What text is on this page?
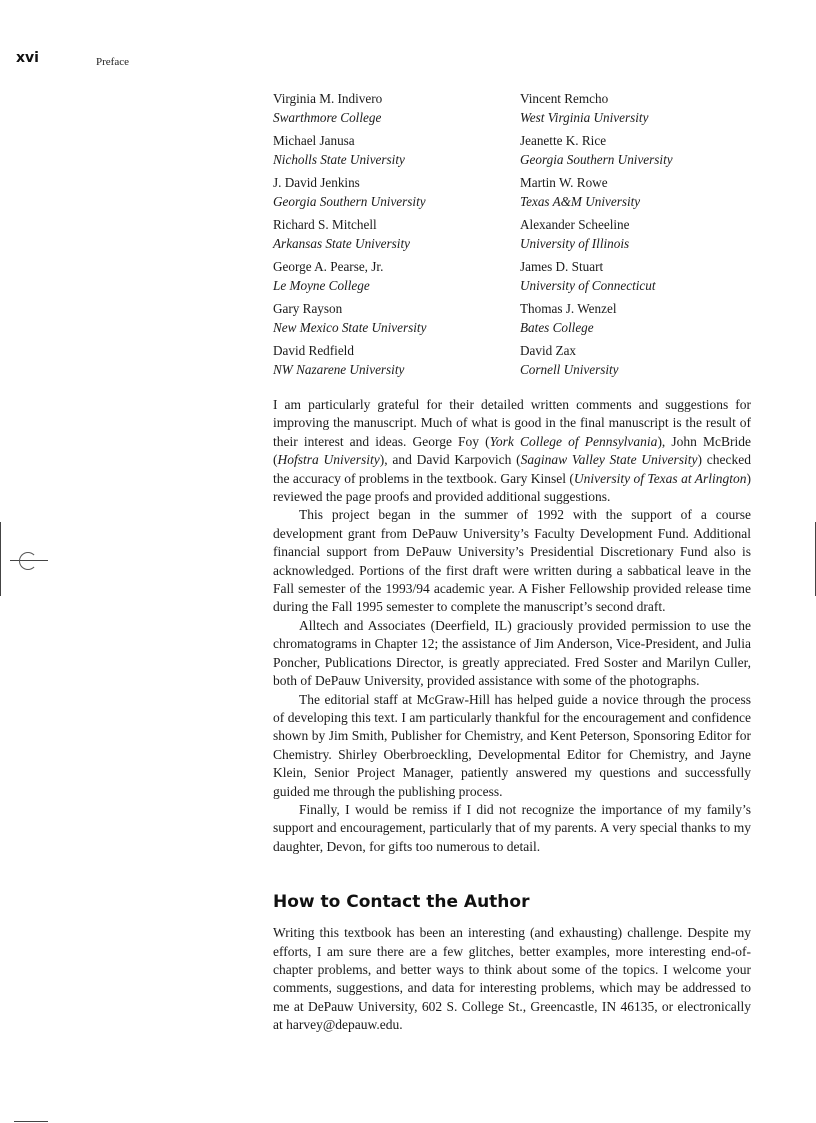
xvi	Preface

Virginia M. Indivero
Swarthmore College
Vincent Remcho
West Virginia University
Michael Janusa
Nicholls State University
Jeanette K. Rice
Georgia Southern University
J. David Jenkins
Georgia Southern University
Martin W. Rowe
Texas A&M University
Richard S. Mitchell
Arkansas State University
Alexander Scheeline
University of Illinois
George A. Pearse, Jr.
Le Moyne College
James D. Stuart
University of Connecticut
Gary Rayson
New Mexico State University
Thomas J. Wenzel
Bates College
David Redfield
NW Nazarene University
David Zax
Cornell University

I am particularly grateful for their detailed written comments and suggestions for improving the manuscript. Much of what is good in the final manuscript is the result of their interest and ideas. George Foy (York College of Pennsylvania), John McBride (Hofstra University), and David Karpovich (Saginaw Valley State University) checked the accuracy of problems in the textbook. Gary Kinsel (University of Texas at Arlington) reviewed the page proofs and provided additional suggestions.

This project began in the summer of 1992 with the support of a course development grant from DePauw University’s Faculty Development Fund. Additional financial support from DePauw University’s Presidential Discretionary Fund also is acknowledged. Portions of the first draft were written during a sabbatical leave in the Fall semester of the 1993/94 academic year. A Fisher Fellowship provided release time during the Fall 1995 semester to complete the manuscript’s second draft.

Alltech and Associates (Deerfield, IL) graciously provided permission to use the chromatograms in Chapter 12; the assistance of Jim Anderson, Vice-President, and Julia Poncher, Publications Director, is greatly appreciated. Fred Soster and Marilyn Culler, both of DePauw University, provided assistance with some of the photographs.

The editorial staff at McGraw-Hill has helped guide a novice through the process of developing this text. I am particularly thankful for the encouragement and confidence shown by Jim Smith, Publisher for Chemistry, and Kent Peterson, Sponsoring Editor for Chemistry. Shirley Oberbroeckling, Developmental Editor for Chemistry, and Jayne Klein, Senior Project Manager, patiently answered my questions and successfully guided me through the publishing process.

Finally, I would be remiss if I did not recognize the importance of my family’s support and encouragement, particularly that of my parents. A very special thanks to my daughter, Devon, for gifts too numerous to detail.

How to Contact the Author

Writing this textbook has been an interesting (and exhausting) challenge. Despite my efforts, I am sure there are a few glitches, better examples, more interesting end-of-chapter problems, and better ways to think about some of the topics. I welcome your comments, suggestions, and data for interesting problems, which may be addressed to me at DePauw University, 602 S. College St., Greencastle, IN 46135, or electronically at harvey@depauw.edu.
